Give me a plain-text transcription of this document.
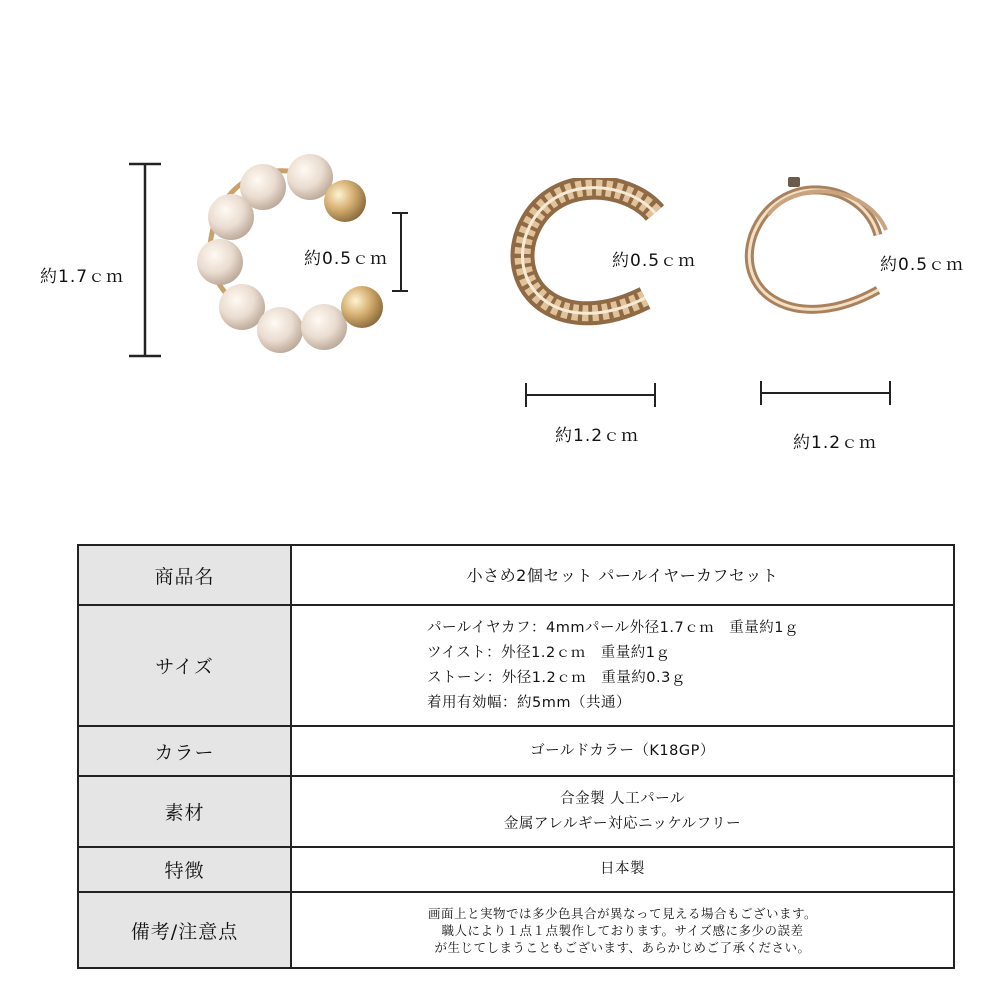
約1.7ｃｍ
約0.5ｃｍ	約0.5ｃｍ
約1.2ｃｍ
約0.5ｃｍ
約1.2ｃｍ
商品名	小さめ2個セット パールイヤーカフセット

サイズ	パールイヤカフ：4mmパール外径1.7ｃｍ　重量約1ｇ
ツイスト：外径1.2ｃｍ　重量約1ｇ
ストーン：外径1.2ｃｍ　重量約0.3ｇ
着用有効幅：約5mm（共通）

カラー	ゴールドカラー（K18GP）

素材	合金製 人工パール
金属アレルギー対応ニッケルフリー

特徴	日本製

備考/注意点	画面上と実物では多少色具合が異なって見える場合もございます。
職人により１点１点製作しております。サイズ感に多少の誤差
が生じてしまうこともございます、あらかじめご了承ください。
